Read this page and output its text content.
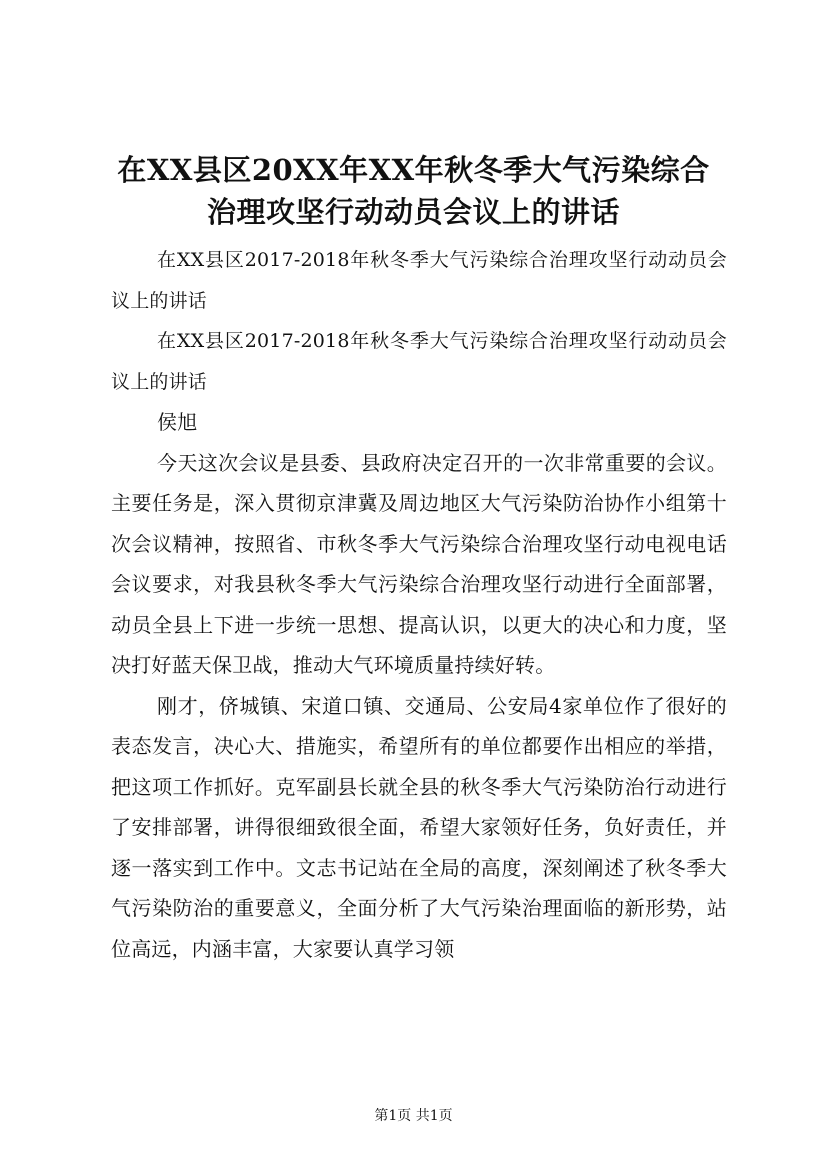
在XX县区20XX年XX年秋冬季大气污染综合
治理攻坚行动动员会议上的讲话

在XX县区2017-2018年秋冬季大气污染综合治理攻坚行动动员会议上的讲话

在XX县区2017-2018年秋冬季大气污染综合治理攻坚行动动员会议上的讲话

侯旭

今天这次会议是县委、县政府决定召开的一次非常重要的会议。主要任务是，深入贯彻京津冀及周边地区大气污染防治协作小组第十次会议精神，按照省、市秋冬季大气污染综合治理攻坚行动电视电话会议要求，对我县秋冬季大气污染综合治理攻坚行动进行全面部署，动员全县上下进一步统一思想、提高认识，以更大的决心和力度，坚决打好蓝天保卫战，推动大气环境质量持续好转。

刚才，侪城镇、宋道口镇、交通局、公安局4家单位作了很好的表态发言，决心大、措施实，希望所有的单位都要作出相应的举措，把这项工作抓好。克军副县长就全县的秋冬季大气污染防治行动进行了安排部署，讲得很细致很全面，希望大家领好任务，负好责任，并逐一落实到工作中。文志书记站在全局的高度，深刻阐述了秋冬季大气污染防治的重要意义，全面分析了大气污染治理面临的新形势，站位高远，内涵丰富，大家要认真学习领

第1页 共1页
